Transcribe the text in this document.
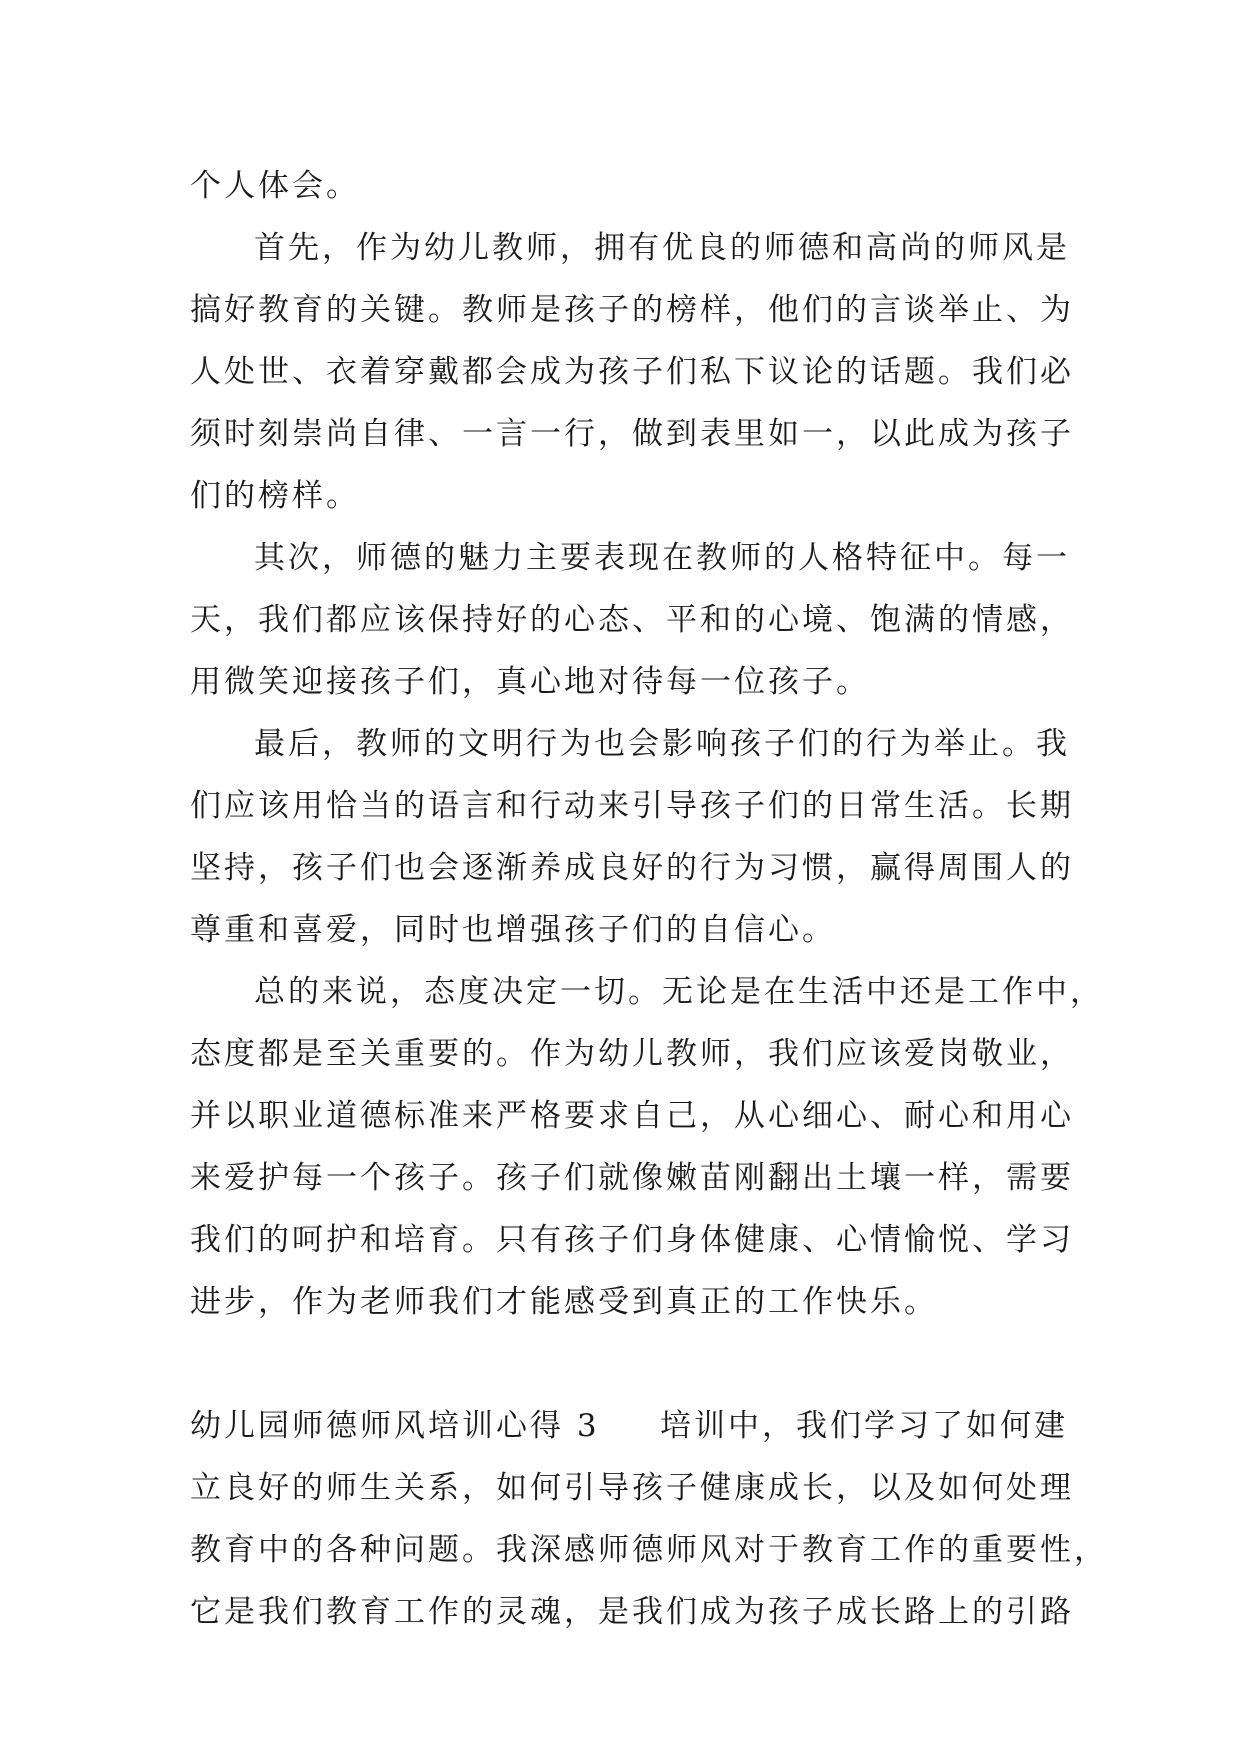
个人体会。
首先，作为幼儿教师，拥有优良的师德和高尚的师风是
搞好教育的关键。教师是孩子的榜样，他们的言谈举止、为
人处世、衣着穿戴都会成为孩子们私下议论的话题。我们必
须时刻崇尚自律、一言一行，做到表里如一，以此成为孩子
们的榜样。
其次，师德的魅力主要表现在教师的人格特征中。每一
天，我们都应该保持好的心态、平和的心境、饱满的情感，
用微笑迎接孩子们，真心地对待每一位孩子。
最后，教师的文明行为也会影响孩子们的行为举止。我
们应该用恰当的语言和行动来引导孩子们的日常生活。长期
坚持，孩子们也会逐渐养成良好的行为习惯，赢得周围人的
尊重和喜爱，同时也增强孩子们的自信心。
总的来说，态度决定一切。无论是在生活中还是工作中，
态度都是至关重要的。作为幼儿教师，我们应该爱岗敬业，
并以职业道德标准来严格要求自己，从心细心、耐心和用心
来爱护每一个孩子。孩子们就像嫩苗刚翻出土壤一样，需要
我们的呵护和培育。只有孩子们身体健康、心情愉悦、学习
进步，作为老师我们才能感受到真正的工作快乐。
幼儿园师德师风培训心得 3 培训中，我们学习了如何建
立良好的师生关系，如何引导孩子健康成长，以及如何处理
教育中的各种问题。我深感师德师风对于教育工作的重要性，
它是我们教育工作的灵魂，是我们成为孩子成长路上的引路
